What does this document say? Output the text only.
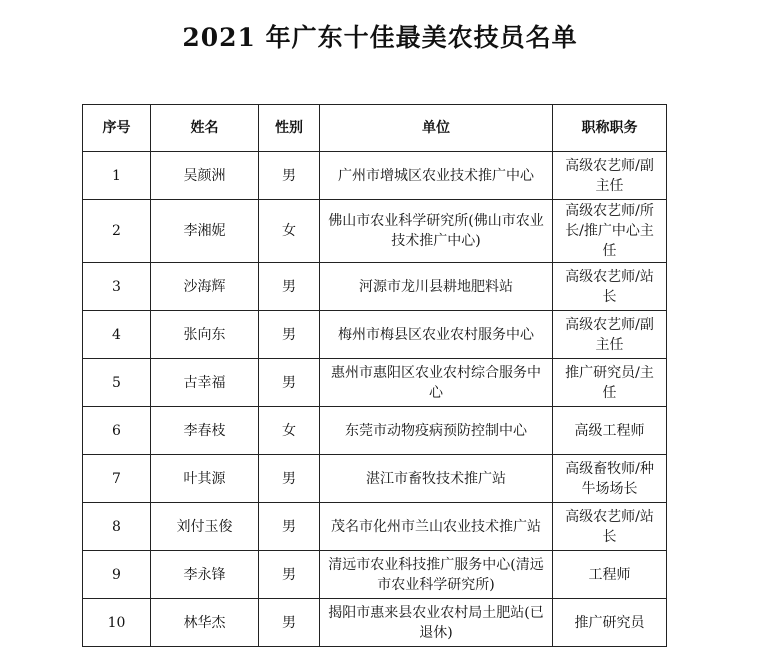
2021 年广东十佳最美农技员名单
序号	姓名	性别	单位	职称职务
1	吴颜洲	男	广州市增城区农业技术推广中心	高级农艺师/副主任
2	李湘妮	女	佛山市农业科学研究所(佛山市农业技术推广中心)	高级农艺师/所长/推广中心主任
3	沙海辉	男	河源市龙川县耕地肥料站	高级农艺师/站长
4	张向东	男	梅州市梅县区农业农村服务中心	高级农艺师/副主任
5	古幸福	男	惠州市惠阳区农业农村综合服务中心	推广研究员/主任
6	李春枝	女	东莞市动物疫病预防控制中心	高级工程师
7	叶其源	男	湛江市畜牧技术推广站	高级畜牧师/种牛场场长
8	刘付玉俊	男	茂名市化州市兰山农业技术推广站	高级农艺师/站长
9	李永锋	男	清远市农业科技推广服务中心(清远市农业科学研究所)	工程师
10	林华杰	男	揭阳市惠来县农业农村局土肥站(已退休)	推广研究员
